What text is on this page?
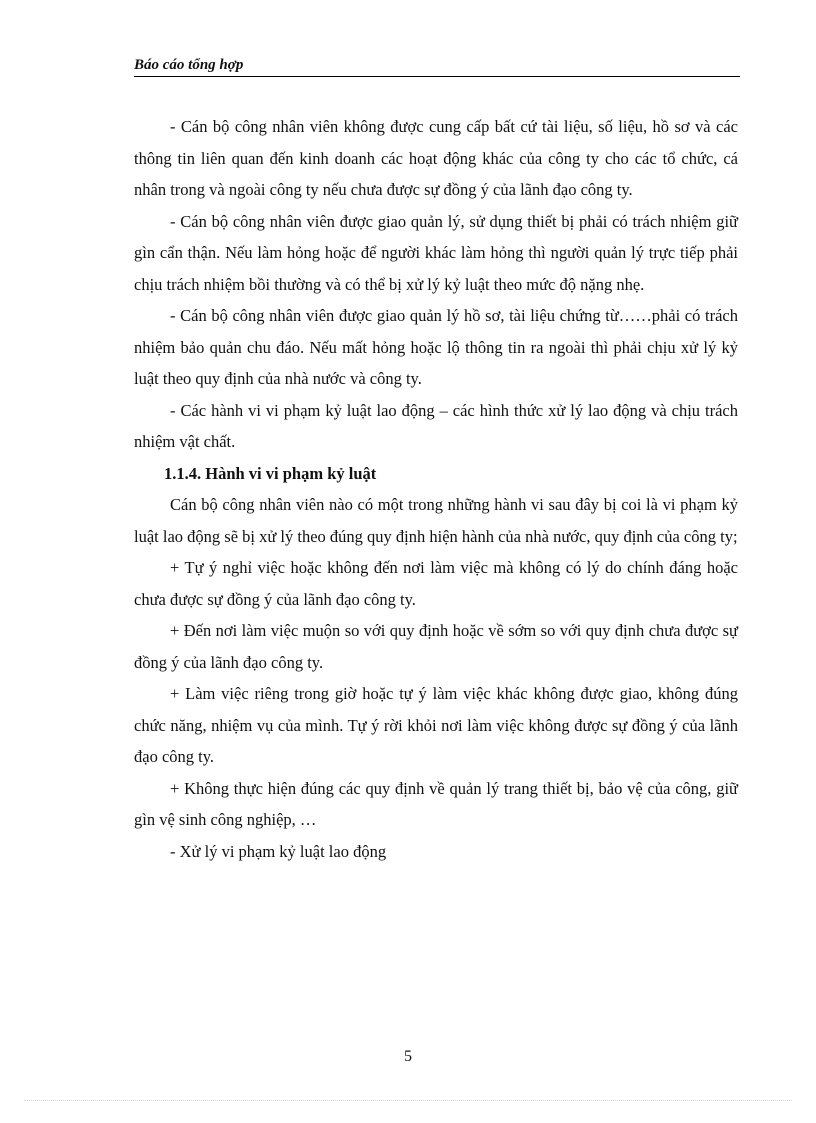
Báo cáo tổng hợp

- Cán bộ công nhân viên không được cung cấp bất cứ tài liệu, số liệu, hồ sơ và các thông tin liên quan đến kinh doanh các hoạt động khác của công ty cho các tổ chức, cá nhân trong và ngoài công ty nếu chưa được sự đồng ý của lãnh đạo công ty.

- Cán bộ công nhân viên được giao quản lý, sử dụng thiết bị phải có trách nhiệm giữ gìn cẩn thận. Nếu làm hỏng hoặc để người khác làm hỏng thì người quản lý trực tiếp phải chịu trách nhiệm bồi thường và có thể bị xử lý kỷ luật theo mức độ nặng nhẹ.

- Cán bộ công nhân viên được giao quản lý hồ sơ, tài liệu chứng từ……phải có trách nhiệm bảo quản chu đáo. Nếu mất hỏng hoặc lộ thông tin ra ngoài thì phải chịu xử lý kỷ luật theo quy định của nhà nước và công ty.

- Các hành vi vi phạm kỷ luật lao động – các hình thức xử lý lao động và chịu trách nhiệm vật chất.

1.1.4. Hành vi vi phạm kỷ luật

Cán bộ công nhân viên nào có một trong những hành vi sau đây bị coi là vi phạm kỷ luật lao động sẽ bị xử lý theo đúng quy định hiện hành của nhà nước, quy định của công ty;

+ Tự ý nghỉ việc hoặc không đến nơi làm việc mà không có lý do chính đáng hoặc chưa được sự đồng ý của lãnh đạo công ty.

+ Đến nơi làm việc muộn so với quy định hoặc về sớm so với quy định chưa được sự đồng ý của lãnh đạo công ty.

+ Làm việc riêng trong giờ hoặc tự ý làm việc khác không được giao, không đúng chức năng, nhiệm vụ của mình. Tự ý rời khỏi nơi làm việc không được sự đồng ý của lãnh đạo công ty.

+ Không thực hiện đúng các quy định về quản lý trang thiết bị, bảo vệ của công, giữ gìn vệ sinh công nghiệp, …

- Xử lý vi phạm kỷ luật lao động

5
